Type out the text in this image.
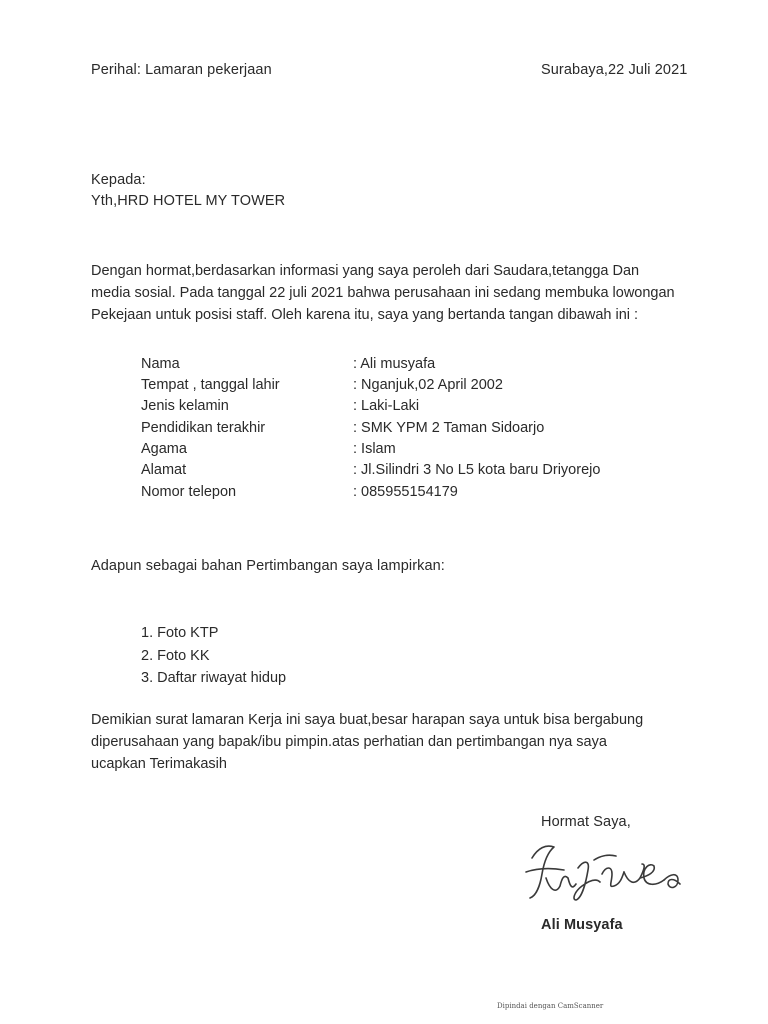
Perihal: Lamaran pekerjaan	Surabaya,22 Juli 2021
Kepada:
Yth,HRD HOTEL MY TOWER
Dengan hormat,berdasarkan informasi yang saya peroleh dari Saudara,tetangga Dan
media sosial. Pada tanggal 22 juli 2021 bahwa perusahaan ini sedang membuka lowongan
Pekejaan untuk posisi staff. Oleh karena itu, saya yang bertanda tangan dibawah ini :
Nama	: Ali musyafa
Tempat , tanggal lahir	: Nganjuk,02 April 2002
Jenis kelamin	: Laki-Laki
Pendidikan terakhir	: SMK YPM 2 Taman Sidoarjo
Agama	: Islam
Alamat	: Jl.Silindri 3 No L5 kota baru Driyorejo
Nomor telepon	: 085955154179
Adapun sebagai bahan Pertimbangan saya lampirkan:
1. Foto KTP
2. Foto KK
3. Daftar riwayat hidup
Demikian surat lamaran Kerja ini saya buat,besar harapan saya untuk bisa bergabung
diperusahaan yang bapak/ibu pimpin.atas perhatian dan pertimbangan nya saya
ucapkan Terimakasih
Hormat Saya,
Ali Musyafa
Dipindai dengan CamScanner
